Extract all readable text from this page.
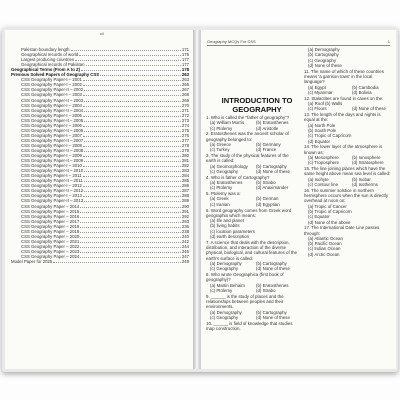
xii
Pakistan boundary length	171
Geographical records of world	175
Largest producing countries	177
Geographical records of Pakistan	177
Geographical Terms (From A to Z)	178
Previous Solved Papers of Geography CSS	263
CSS Geography Paper-I – 2001	263
CSS Geography Paper-I – 2002	266
CSS Geography Paper-II – 2002	267
CSS Geography Paper-I – 2003	268
CSS Geography Paper-II – 2003	269
CSS Geography Paper-I – 2004	270
CSS Geography Paper-II – 2004	271
CSS Geography Paper-I – 2005	272
CSS Geography Paper-II – 2005	273
CSS Geography Paper-I – 2006	274
CSS Geography Paper-II – 2006	275
CSS Geography Paper-I – 2007	276
CSS Geography Paper-II – 2007	277
CSS Geography Paper-I – 2008	278
CSS Geography Paper-II – 2008	279
CSS Geography Paper-I – 2009	280
CSS Geography Paper-II – 2009	281
CSS Geography Paper-I – 2010	282
CSS Geography Paper-II – 2010	283
CSS Geography Paper-I – 2011	284
CSS Geography Paper-II – 2011	285
CSS Geography Paper-I – 2012	286
CSS Geography Paper-II – 2012	287
CSS Geography Paper-I – 2013	288
CSS Geography Paper-II – 2013	289
CSS Geography Paper – 2014	290
CSS Geography Paper – 2015	291
CSS Geography Paper – 2016	292
CSS Geography Paper – 2017	293
CSS Geography Paper – 2018	236
CSS Geography Paper – 2019	238
CSS Geography Paper – 2020	240
CSS Geography Paper – 2021	242
CSS Geography Paper – 2022	244
CSS Geography Paper – 2023	246
CSS Geography Paper – 2024	247
Model Paper for 2025	249
Geography MCQs For CSS	1
INTRODUCTION TO GEOGRAPHY
1. Who is called the "father of geography"?
(a) William Morris	(b) Eratosthenes
(c) Ptolemy	(d) Aristotle
2. Eratosthenes was the ancient scholar of geography belonged to:
(a) Greece	(b) Germany
(c) Turkey	(d) France
3. The study of the physical features of the earth is called:
(a) Geomorphology	(b) Cartography
(c) Geography	(d) None of these
4. Who is father of Cartography?
(a) Eratosthenes	(b) Strabo
(c) Ptolemy	(d) Anaximander
5. Ptolemy was a:
(a) Greek	(b) German
(c) Iranian	(d) Egyptian
6. Word geography comes from Greek word geographia which means:
(a) life and planet
(b) living habits
(c) location parameters
(d) earth description
7. A science that deals with the description, distribution, and interaction of the diverse physical, biological, and cultural features of the earth's surface is called:
(a) Demography	(b) Cartography
(c) Geography	(d) None of these
8. Who wrote Geographica (first book of geography)?
(a) Martin Behaim	(b) Eratosthenes
(c) Ptolemy	(d) Strabo
9. ______ is the study of places and the relationships between peoples and their environments.
(a) Demography	(b) Cartography
(c) Geography	(d) None of these
10. ______ is field of knowledge that studies map construction.
(a) Demography
(b) Cartography
(c) Geography
(d) None of these
11. The name of which of these countries means 'a garrison town' in the local language?
(a) Egypt	(b) Cambodia
(c) Myanmar	(d) Bolivia
12. Stalactites are found in caves on the:
(a) Roof (b) Walls
(c) Floors	(d) None of these
13. The length of the days and nights is equal at the:
(a) North Pole
(b) South Pole
(c) Tropic of Capricorn
(d) Equator
14. The lower layer of the atmosphere is known as:
(a) Mesosphere	(b) Ionosphere
(c) Troposphere	(d) Stratosphere
15. The line joining places which have the same height above mean sea level is called:
(a) Isohyte	(b) Isobar
(c) Contour line	(d) Isotherms
16. The summer solstice in northern hemisphere occurs when the sun is directly overhead at noon on:
(a) Tropic of Cancer
(b) Tropic of Capricorn
(c) Equator
(d) None of the above
17. The International Date Line passes through:
(a) Atlantic Ocean
(b) Pacific Ocean
(c) Indian Ocean
(d) Arctic Ocean
